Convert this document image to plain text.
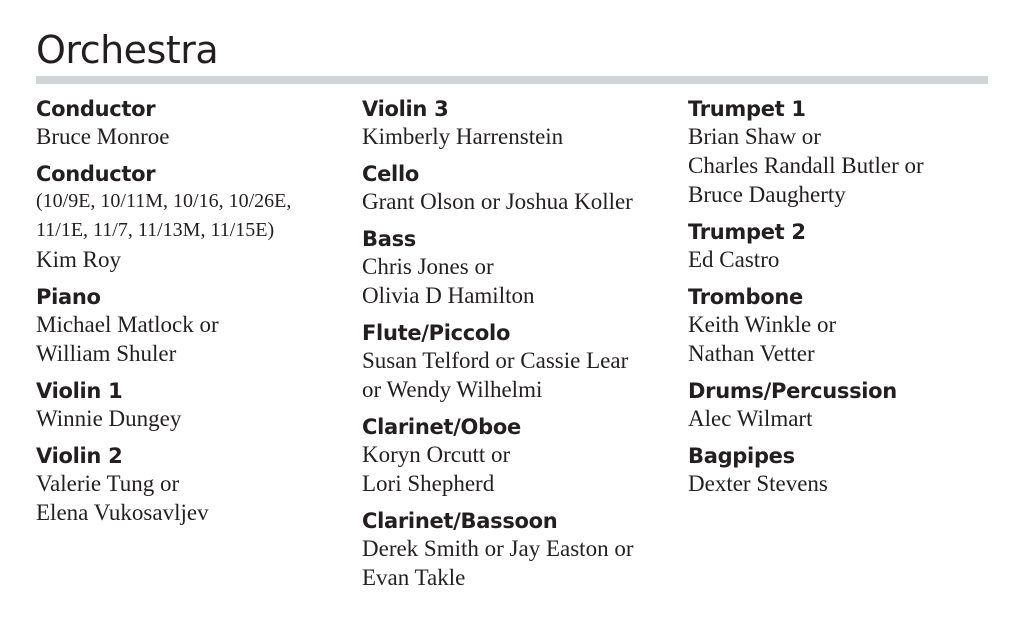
Orchestra
Conductor
Bruce Monroe
Conductor
(10/9E, 10/11M, 10/16, 10/26E,
11/1E, 11/7, 11/13M, 11/15E)
Kim Roy
Piano
Michael Matlock or
William Shuler
Violin 1
Winnie Dungey
Violin 2
Valerie Tung or
Elena Vukosavljev
Violin 3
Kimberly Harrenstein
Cello
Grant Olson or Joshua Koller
Bass
Chris Jones or
Olivia D Hamilton
Flute/Piccolo
Susan Telford or Cassie Lear
or Wendy Wilhelmi
Clarinet/Oboe
Koryn Orcutt or
Lori Shepherd
Clarinet/Bassoon
Derek Smith or Jay Easton or
Evan Takle
Trumpet 1
Brian Shaw or
Charles Randall Butler or
Bruce Daugherty
Trumpet 2
Ed Castro
Trombone
Keith Winkle or
Nathan Vetter
Drums/Percussion
Alec Wilmart
Bagpipes
Dexter Stevens
